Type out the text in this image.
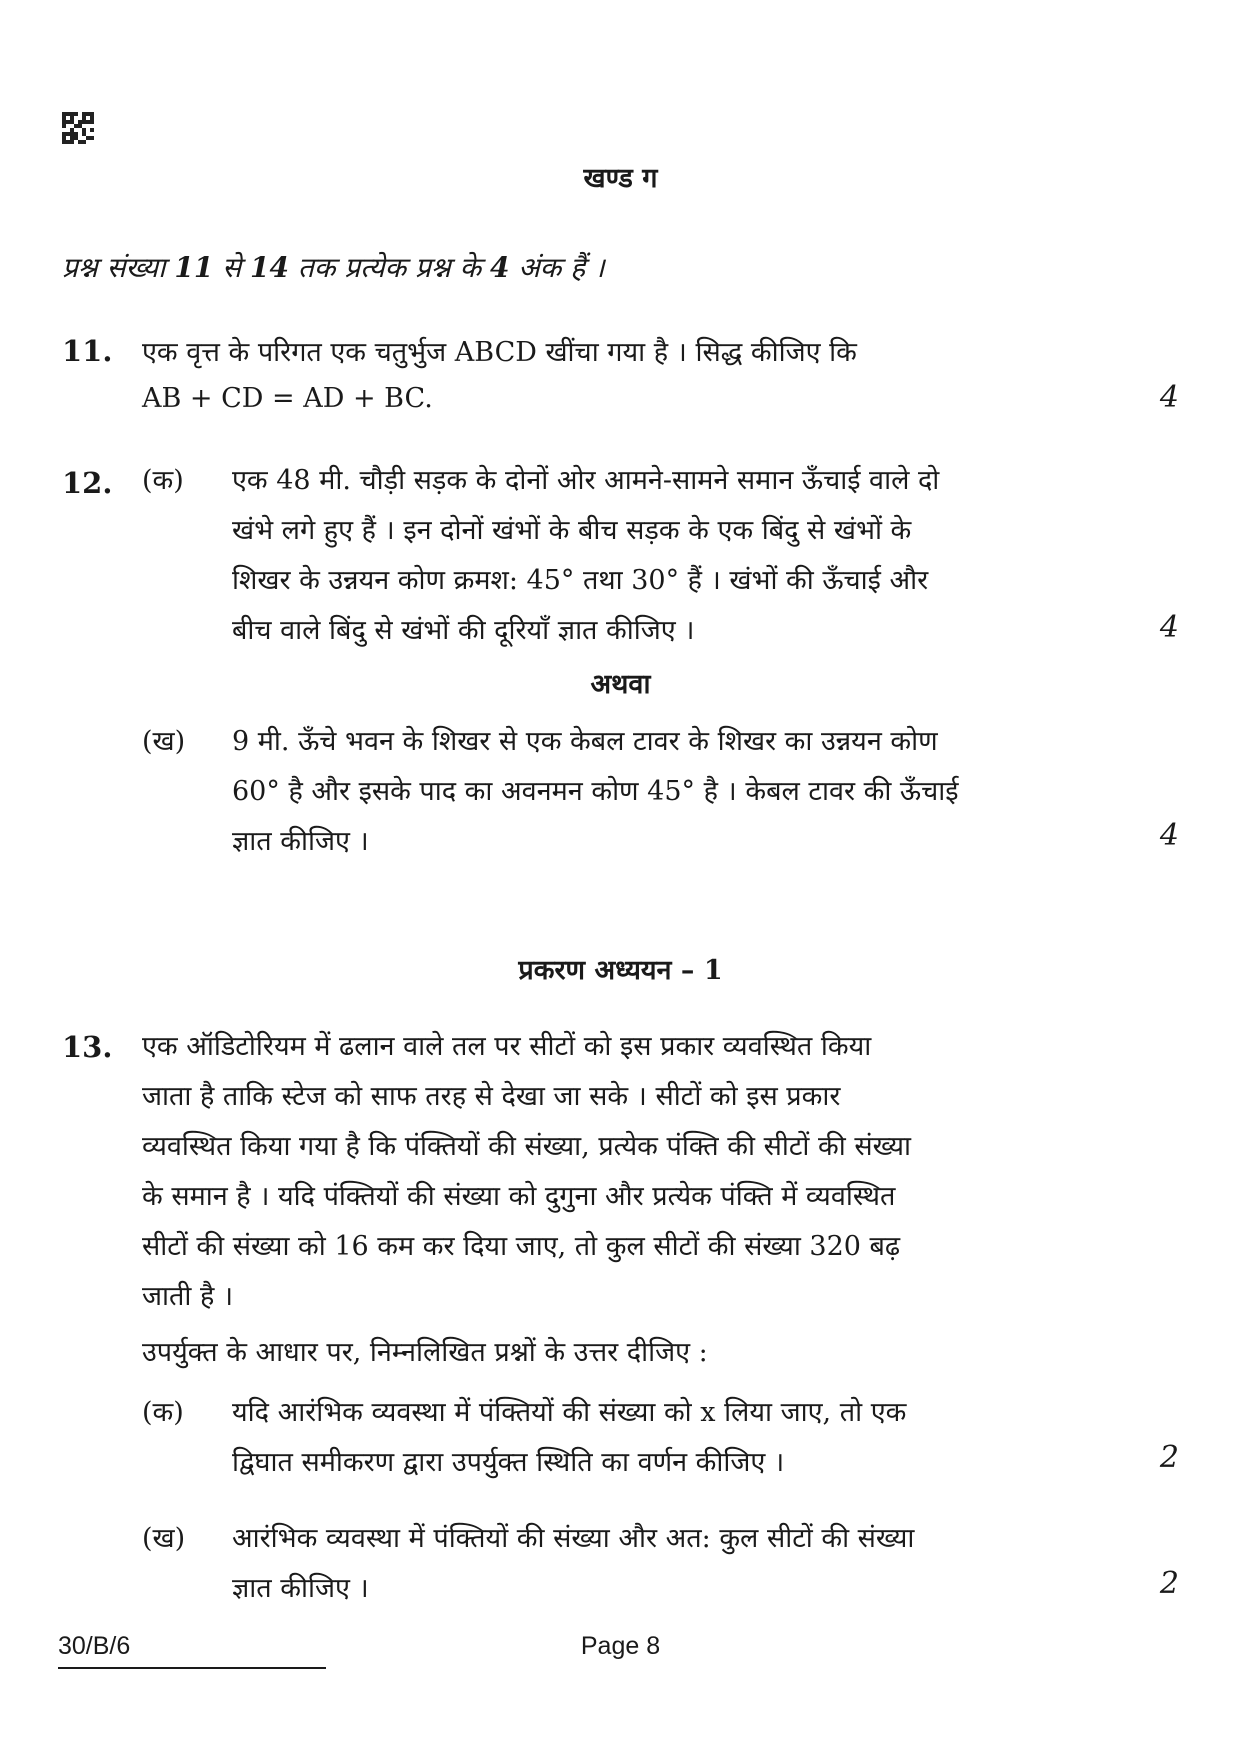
खण्ड ग
प्रश्न संख्या 11 से 14 तक प्रत्येक प्रश्न के 4 अंक हैं ।
11. एक वृत्त के परिगत एक चतुर्भुज ABCD खींचा गया है । सिद्ध कीजिए कि
AB + CD = AD + BC.	4
12. (क) एक 48 मी. चौड़ी सड़क के दोनों ओर आमने-सामने समान ऊँचाई वाले दो
खंभे लगे हुए हैं । इन दोनों खंभों के बीच सड़क के एक बिंदु से खंभों के
शिखर के उन्नयन कोण क्रमश: 45° तथा 30° हैं । खंभों की ऊँचाई और
बीच वाले बिंदु से खंभों की दूरियाँ ज्ञात कीजिए ।	4
अथवा
(ख) 9 मी. ऊँचे भवन के शिखर से एक केबल टावर के शिखर का उन्नयन कोण
60° है और इसके पाद का अवनमन कोण 45° है । केबल टावर की ऊँचाई
ज्ञात कीजिए ।	4
प्रकरण अध्ययन – 1
13. एक ऑडिटोरियम में ढलान वाले तल पर सीटों को इस प्रकार व्यवस्थित किया
जाता है ताकि स्टेज को साफ तरह से देखा जा सके । सीटों को इस प्रकार
व्यवस्थित किया गया है कि पंक्तियों की संख्या, प्रत्येक पंक्ति की सीटों की संख्या
के समान है । यदि पंक्तियों की संख्या को दुगुना और प्रत्येक पंक्ति में व्यवस्थित
सीटों की संख्या को 16 कम कर दिया जाए, तो कुल सीटों की संख्या 320 बढ़
जाती है ।
उपर्युक्त के आधार पर, निम्नलिखित प्रश्नों के उत्तर दीजिए :
(क) यदि आरंभिक व्यवस्था में पंक्तियों की संख्या को x लिया जाए, तो एक
द्विघात समीकरण द्वारा उपर्युक्त स्थिति का वर्णन कीजिए ।	2
(ख) आरंभिक व्यवस्था में पंक्तियों की संख्या और अत: कुल सीटों की संख्या
ज्ञात कीजिए ।	2
30/B/6	Page 8
